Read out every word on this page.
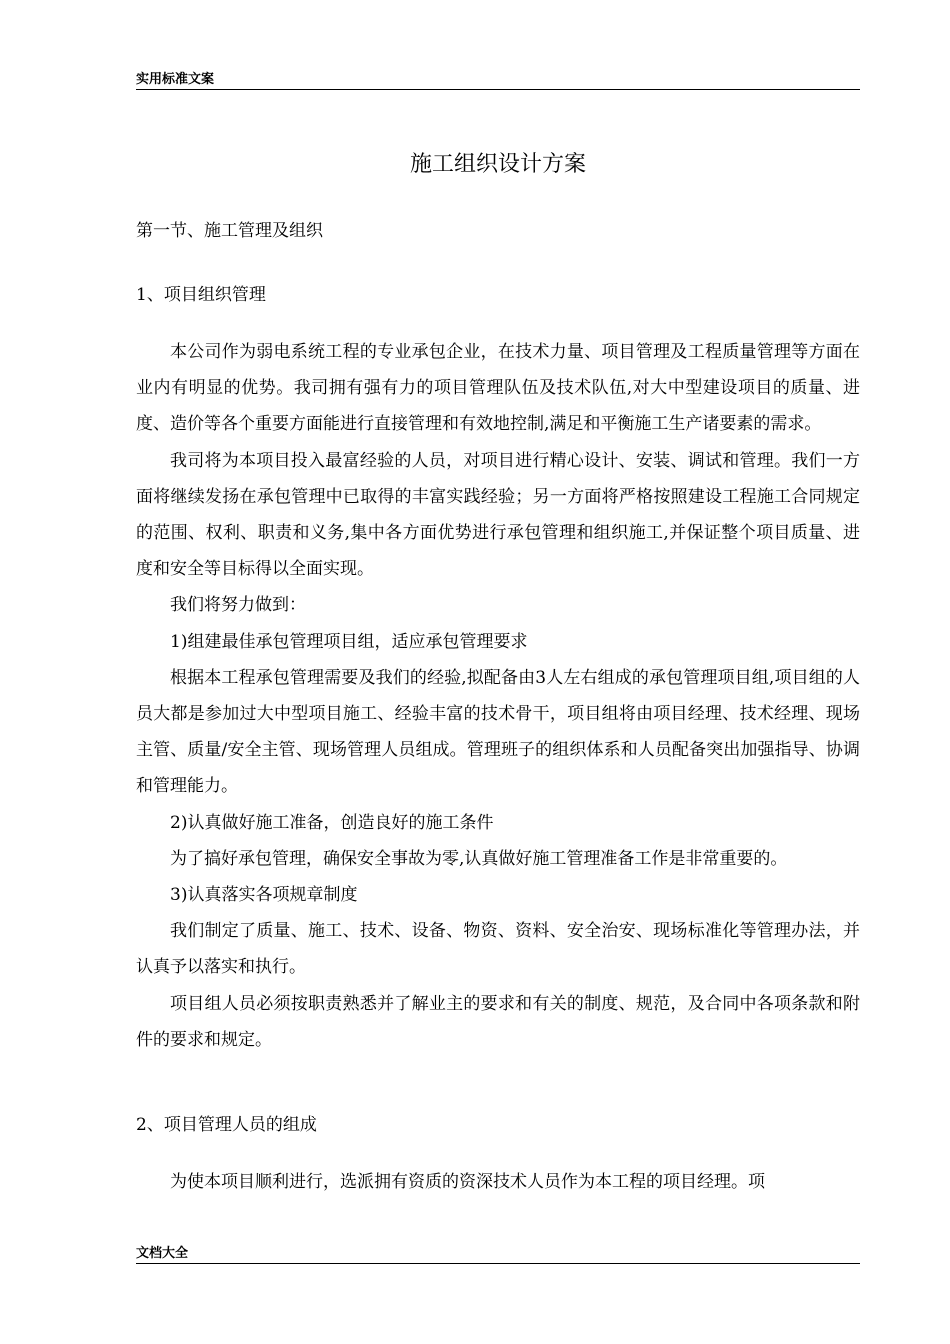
实用标准文案
施工组织设计方案
第一节、施工管理及组织
1、项目组织管理

本公司作为弱电系统工程的专业承包企业，在技术力量、项目管理及工程质量管理等方面在业内有明显的优势。我司拥有强有力的项目管理队伍及技术队伍,对大中型建设项目的质量、进度、造价等各个重要方面能进行直接管理和有效地控制,满足和平衡施工生产诸要素的需求。

我司将为本项目投入最富经验的人员，对项目进行精心设计、安装、调试和管理。我们一方面将继续发扬在承包管理中已取得的丰富实践经验；另一方面将严格按照建设工程施工合同规定的范围、权利、职责和义务,集中各方面优势进行承包管理和组织施工,并保证整个项目质量、进度和安全等目标得以全面实现。

我们将努力做到：

1)组建最佳承包管理项目组，适应承包管理要求

根据本工程承包管理需要及我们的经验,拟配备由3人左右组成的承包管理项目组,项目组的人员大都是参加过大中型项目施工、经验丰富的技术骨干，项目组将由项目经理、技术经理、现场主管、质量/安全主管、现场管理人员组成。管理班子的组织体系和人员配备突出加强指导、协调和管理能力。

2)认真做好施工准备，创造良好的施工条件

为了搞好承包管理，确保安全事故为零,认真做好施工管理准备工作是非常重要的。

3)认真落实各项规章制度

我们制定了质量、施工、技术、设备、物资、资料、安全治安、现场标准化等管理办法，并认真予以落实和执行。

项目组人员必须按职责熟悉并了解业主的要求和有关的制度、规范，及合同中各项条款和附件的要求和规定。

2、项目管理人员的组成

为使本项目顺利进行，选派拥有资质的资深技术人员作为本工程的项目经理。项

文档大全
